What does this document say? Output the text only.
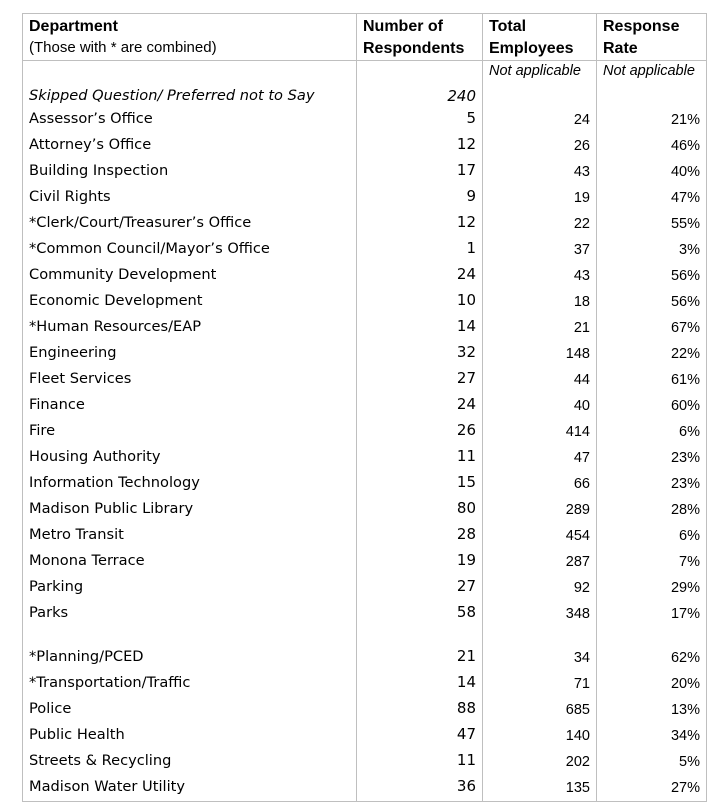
Department
(Those with * are combined)	Number of Respondents	Total Employees	Response Rate
Skipped Question/ Preferred not to Say	240	Not applicable	Not applicable
Assessor’s Office	5	24	21%
Attorney’s Office	12	26	46%
Building Inspection	17	43	40%
Civil Rights	9	19	47%
*Clerk/Court/Treasurer’s Office	12	22	55%
*Common Council/Mayor’s Office	1	37	3%
Community Development	24	43	56%
Economic Development	10	18	56%
*Human Resources/EAP	14	21	67%
Engineering	32	148	22%
Fleet Services	27	44	61%
Finance	24	40	60%
Fire	26	414	6%
Housing Authority	11	47	23%
Information Technology	15	66	23%
Madison Public Library	80	289	28%
Metro Transit	28	454	6%
Monona Terrace	19	287	7%
Parking	27	92	29%
Parks	58	348	17%
*Planning/PCED	21	34	62%
*Transportation/Traffic	14	71	20%
Police	88	685	13%
Public Health	47	140	34%
Streets & Recycling	11	202	5%
Madison Water Utility	36	135	27%
